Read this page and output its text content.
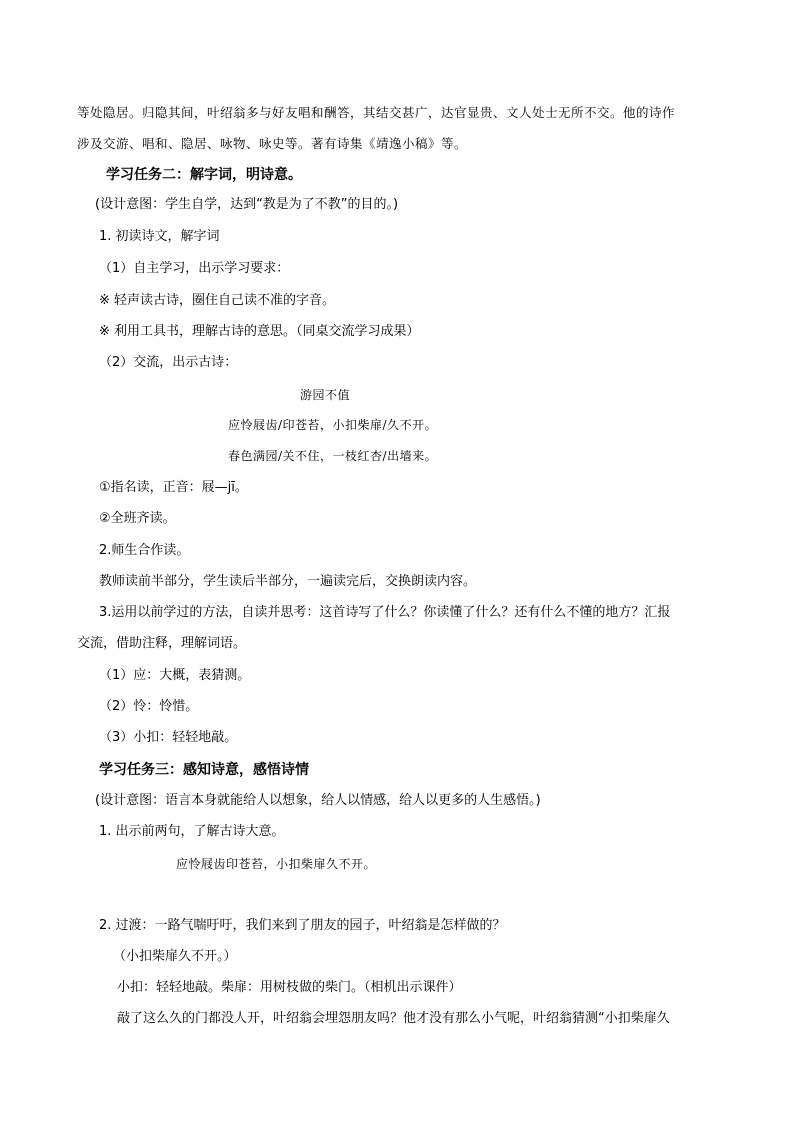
等处隐居。归隐其间，叶绍翁多与好友唱和酬答，其结交甚广，达官显贵、文人处士无所不交。他的诗作
涉及交游、唱和、隐居、咏物、咏史等。著有诗集《靖逸小稿》等。
学习任务二：解字词，明诗意。
(设计意图：学生自学，达到“教是为了不教”的目的。)
1. 初读诗文，解字词
（1）自主学习，出示学习要求：
※ 轻声读古诗，圈住自己读不准的字音。
※ 利用工具书，理解古诗的意思。（同桌交流学习成果）
（2）交流，出示古诗：
游园不值
应怜屐齿/印苍苔，小扣柴扉/久不开。
春色满园/关不住，一枝红杏/出墙来。
①指名读，正音：屐—jī。
②全班齐读。
2.师生合作读。
教师读前半部分，学生读后半部分，一遍读完后，交换朗读内容。
3.运用以前学过的方法，自读并思考：这首诗写了什么？你读懂了什么？还有什么不懂的地方？汇报
交流，借助注释，理解词语。
（1）应：大概，表猜测。
（2）怜：怜惜。
（3）小扣：轻轻地敲。
学习任务三：感知诗意，感悟诗情
(设计意图：语言本身就能给人以想象，给人以情感，给人以更多的人生感悟。)
1. 出示前两句，了解古诗大意。
应怜屐齿印苍苔，小扣柴扉久不开。
2. 过渡：一路气喘吁吁，我们来到了朋友的园子，叶绍翁是怎样做的？
（小扣柴扉久不开。）
小扣：轻轻地敲。柴扉：用树枝做的柴门。（相机出示课件）
敲了这么久的门都没人开，叶绍翁会埋怨朋友吗？他才没有那么小气呢，叶绍翁猜测“小扣柴扉久
